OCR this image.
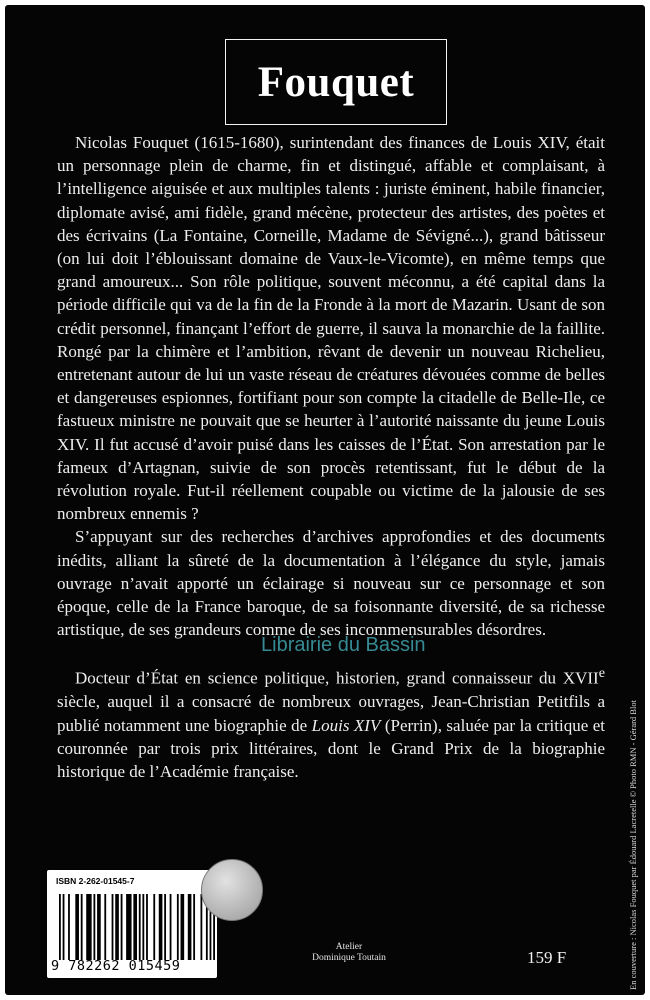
Fouquet

Nicolas Fouquet (1615-1680), surintendant des finances de Louis XIV, était un personnage plein de charme, fin et distingué, affable et complaisant, à l’intelligence aiguisée et aux multiples talents : juriste éminent, habile financier, diplomate avisé, ami fidèle, grand mécène, protecteur des artistes, des poètes et des écrivains (La Fontaine, Corneille, Madame de Sévigné...), grand bâtisseur (on lui doit l’éblouissant domaine de Vaux-le-Vicomte), en même temps que grand amoureux... Son rôle politique, souvent méconnu, a été capital dans la période difficile qui va de la fin de la Fronde à la mort de Mazarin. Usant de son crédit personnel, finançant l’effort de guerre, il sauva la monarchie de la faillite. Rongé par la chimère et l’ambition, rêvant de devenir un nouveau Richelieu, entretenant autour de lui un vaste réseau de créatures dévouées comme de belles et dangereuses espionnes, fortifiant pour son compte la citadelle de Belle-Ile, ce fastueux ministre ne pouvait que se heurter à l’autorité naissante du jeune Louis XIV. Il fut accusé d’avoir puisé dans les caisses de l’État. Son arrestation par le fameux d’Artagnan, suivie de son procès retentissant, fut le début de la révolution royale. Fut-il réellement coupable ou victime de la jalousie de ses nombreux ennemis ?

S’appuyant sur des recherches d’archives approfondies et des documents inédits, alliant la sûreté de la documentation à l’élégance du style, jamais ouvrage n’avait apporté un éclairage si nouveau sur ce personnage et son époque, celle de la France baroque, de sa foisonnante diversité, de sa richesse artistique, de ses grandeurs comme de ses incommensurables désordres.

Docteur d’État en science politique, historien, grand connaisseur du XVIIe siècle, auquel il a consacré de nombreux ouvrages, Jean-Christian Petitfils a publié notamment une biographie de Louis XIV (Perrin), saluée par la critique et couronnée par trois prix littéraires, dont le Grand Prix de la biographie historique de l’Académie française.

Librairie du Bassin
En couverture : Nicolas Fouquet par Édouard Lacretelle © Photo RMN - Gérard Blot
ISBN 2-262-01545-7
9 782262 015459
Atelier
Dominique Toutain	159 F
